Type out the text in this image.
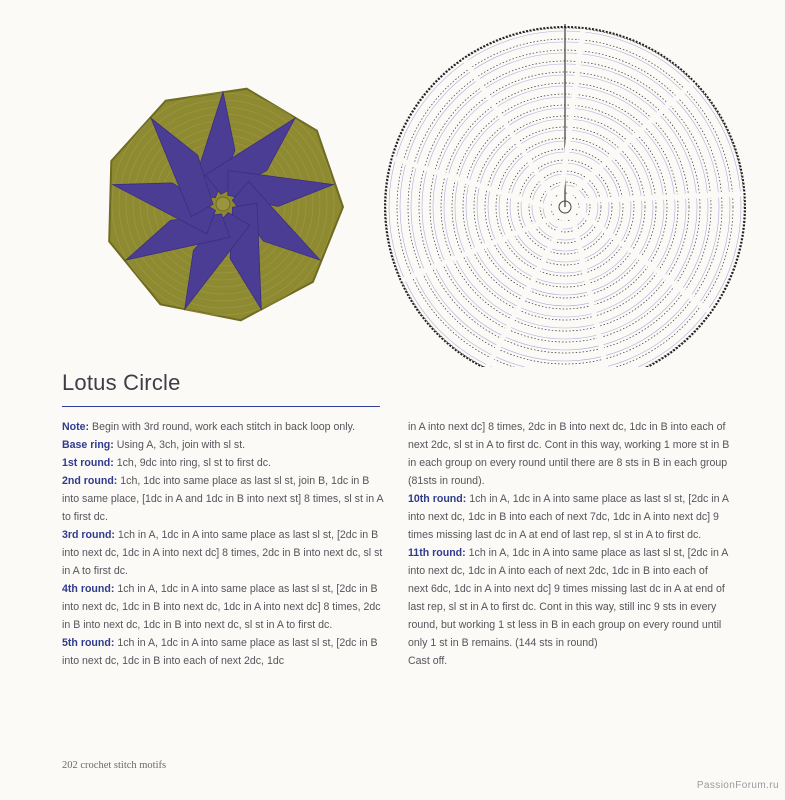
Lotus Circle

Note: Begin with 3rd round, work each stitch in back loop only.

Base ring: Using A, 3ch, join with sl st.

1st round: 1ch, 9dc into ring, sl st to first dc.

2nd round: 1ch, 1dc into same place as last sl st, join B, 1dc in B into same place, [1dc in A and 1dc in B into next st] 8 times, sl st in A to first dc.

3rd round: 1ch in A, 1dc in A into same place as last sl st, [2dc in B into next dc, 1dc in A into next dc] 8 times, 2dc in B into next dc, sl st in A to first dc.

4th round: 1ch in A, 1dc in A into same place as last sl st, [2dc in B into next dc, 1dc in B into next dc, 1dc in A into next dc] 8 times, 2dc in B into next dc, 1dc in B into next dc, sl st in A to first dc.

5th round: 1ch in A, 1dc in A into same place as last sl st, [2dc in B into next dc, 1dc in B into each of next 2dc, 1dc

in A into next dc] 8 times, 2dc in B into next dc, 1dc in B into each of next 2dc, sl st in A to first dc. Cont in this way, working 1 more st in B in each group on every round until there are 8 sts in B in each group (81sts in round).

10th round: 1ch in A, 1dc in A into same place as last sl st, [2dc in A into next dc, 1dc in B into each of next 7dc, 1dc in A into next dc] 9 times missing last dc in A at end of last rep, sl st in A to first dc.

11th round: 1ch in A, 1dc in A into same place as last sl st, [2dc in A into next dc, 1dc in A into each of next 2dc, 1dc in B into each of next 6dc, 1dc in A into next dc] 9 times missing last dc in A at end of last rep, sl st in A to first dc. Cont in this way, still inc 9 sts in every round, but working 1 st less in B in each group on every round until only 1 st in B remains. (144 sts in round)

Cast off.

202 crochet stitch motifs
PassionForum.ru
